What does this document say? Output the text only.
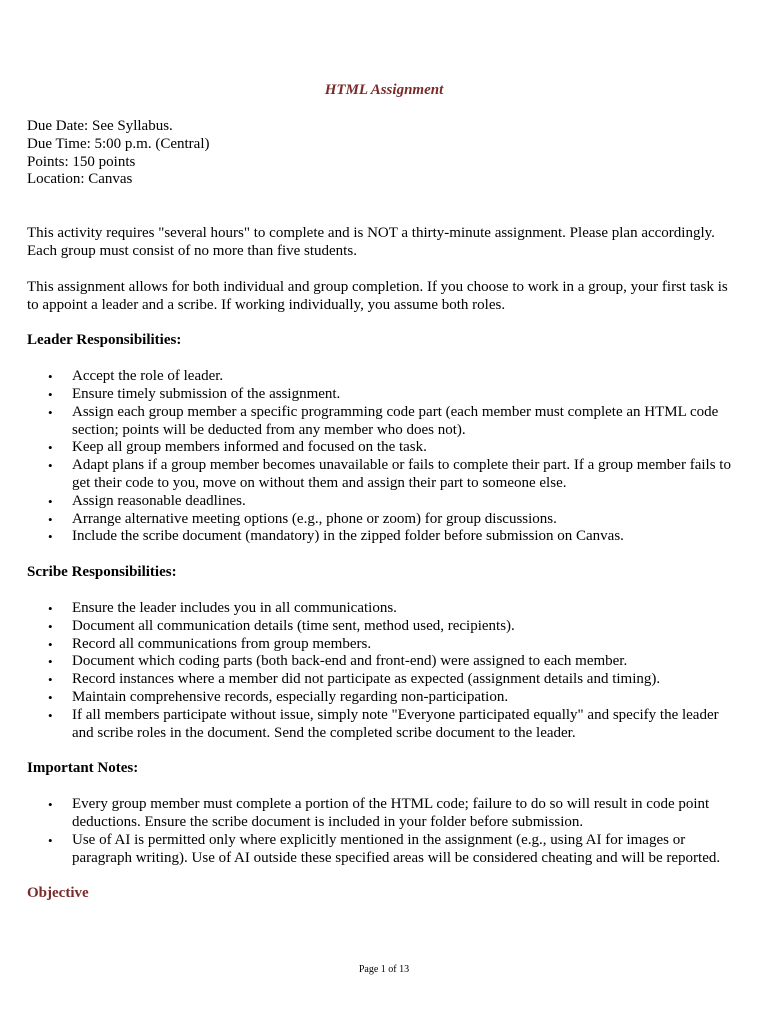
HTML Assignment

Due Date: See Syllabus.

Due Time: 5:00 p.m. (Central)

Points: 150 points

Location: Canvas

This activity requires "several hours" to complete and is NOT a thirty-minute assignment. Please plan accordingly. Each group must consist of no more than five students.

This assignment allows for both individual and group completion. If you choose to work in a group, your first task is to appoint a leader and a scribe. If working individually, you assume both roles.

Leader Responsibilities:

• Accept the role of leader.
• Ensure timely submission of the assignment.
• Assign each group member a specific programming code part (each member must complete an HTML code section; points will be deducted from any member who does not).
• Keep all group members informed and focused on the task.
• Adapt plans if a group member becomes unavailable or fails to complete their part. If a group member fails to get their code to you, move on without them and assign their part to someone else.
• Assign reasonable deadlines.
• Arrange alternative meeting options (e.g., phone or zoom) for group discussions.
• Include the scribe document (mandatory) in the zipped folder before submission on Canvas.

Scribe Responsibilities:

• Ensure the leader includes you in all communications.
• Document all communication details (time sent, method used, recipients).
• Record all communications from group members.
• Document which coding parts (both back-end and front-end) were assigned to each member.
• Record instances where a member did not participate as expected (assignment details and timing).
• Maintain comprehensive records, especially regarding non-participation.
• If all members participate without issue, simply note "Everyone participated equally" and specify the leader and scribe roles in the document. Send the completed scribe document to the leader.

Important Notes:

• Every group member must complete a portion of the HTML code; failure to do so will result in code point deductions. Ensure the scribe document is included in your folder before submission.
• Use of AI is permitted only where explicitly mentioned in the assignment (e.g., using AI for images or paragraph writing). Use of AI outside these specified areas will be considered cheating and will be reported.

Objective

Page 1 of 13
